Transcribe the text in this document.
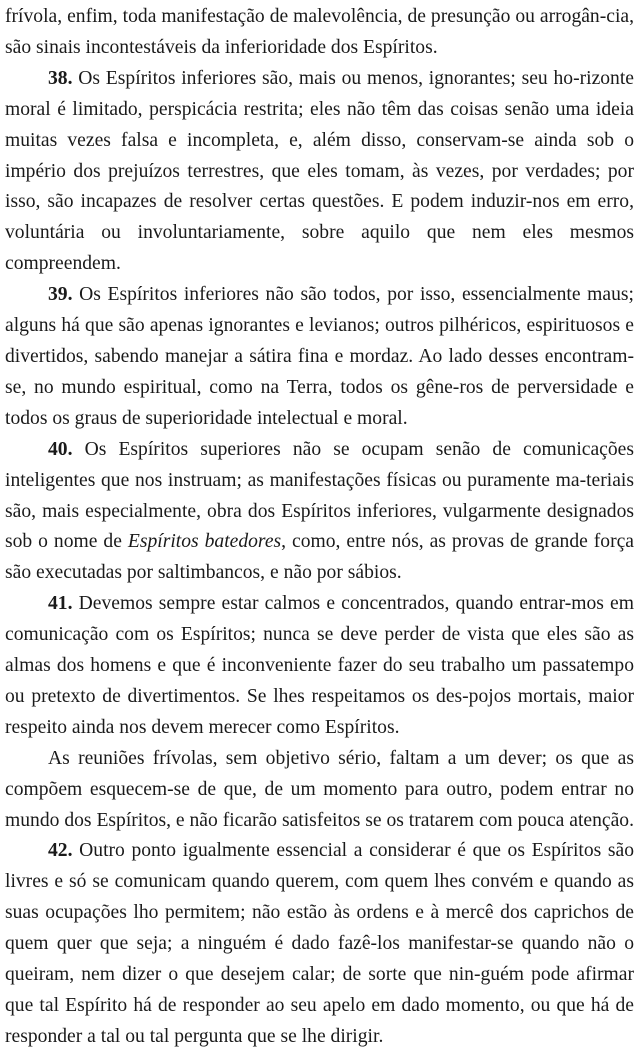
frívola, enfim, toda manifestação de malevolência, de presunção ou arrogân-cia, são sinais incontestáveis da inferioridade dos Espíritos.

38. Os Espíritos inferiores são, mais ou menos, ignorantes; seu ho-rizonte moral é limitado, perspicácia restrita; eles não têm das coisas senão uma ideia muitas vezes falsa e incompleta, e, além disso, conservam-se ainda sob o império dos prejuízos terrestres, que eles tomam, às vezes, por verdades; por isso, são incapazes de resolver certas questões. E podem induzir-nos em erro, voluntária ou involuntariamente, sobre aquilo que nem eles mesmos compreendem.

39. Os Espíritos inferiores não são todos, por isso, essencialmente maus; alguns há que são apenas ignorantes e levianos; outros pilhéricos, espirituosos e divertidos, sabendo manejar a sátira fina e mordaz. Ao lado desses encontram-se, no mundo espiritual, como na Terra, todos os gêne-ros de perversidade e todos os graus de superioridade intelectual e moral.

40. Os Espíritos superiores não se ocupam senão de comunicações inteligentes que nos instruam; as manifestações físicas ou puramente ma-teriais são, mais especialmente, obra dos Espíritos inferiores, vulgarmente designados sob o nome de Espíritos batedores, como, entre nós, as provas de grande força são executadas por saltimbancos, e não por sábios.

41. Devemos sempre estar calmos e concentrados, quando entrar-mos em comunicação com os Espíritos; nunca se deve perder de vista que eles são as almas dos homens e que é inconveniente fazer do seu trabalho um passatempo ou pretexto de divertimentos. Se lhes respeitamos os des-pojos mortais, maior respeito ainda nos devem merecer como Espíritos.

As reuniões frívolas, sem objetivo sério, faltam a um dever; os que as compõem esquecem-se de que, de um momento para outro, podem entrar no mundo dos Espíritos, e não ficarão satisfeitos se os tratarem com pouca atenção.

42. Outro ponto igualmente essencial a considerar é que os Espíritos são livres e só se comunicam quando querem, com quem lhes convém e quando as suas ocupações lho permitem; não estão às ordens e à mercê dos caprichos de quem quer que seja; a ninguém é dado fazê-los manifestar-se quando não o queiram, nem dizer o que desejem calar; de sorte que nin-guém pode afirmar que tal Espírito há de responder ao seu apelo em dado momento, ou que há de responder a tal ou tal pergunta que se lhe dirigir.
